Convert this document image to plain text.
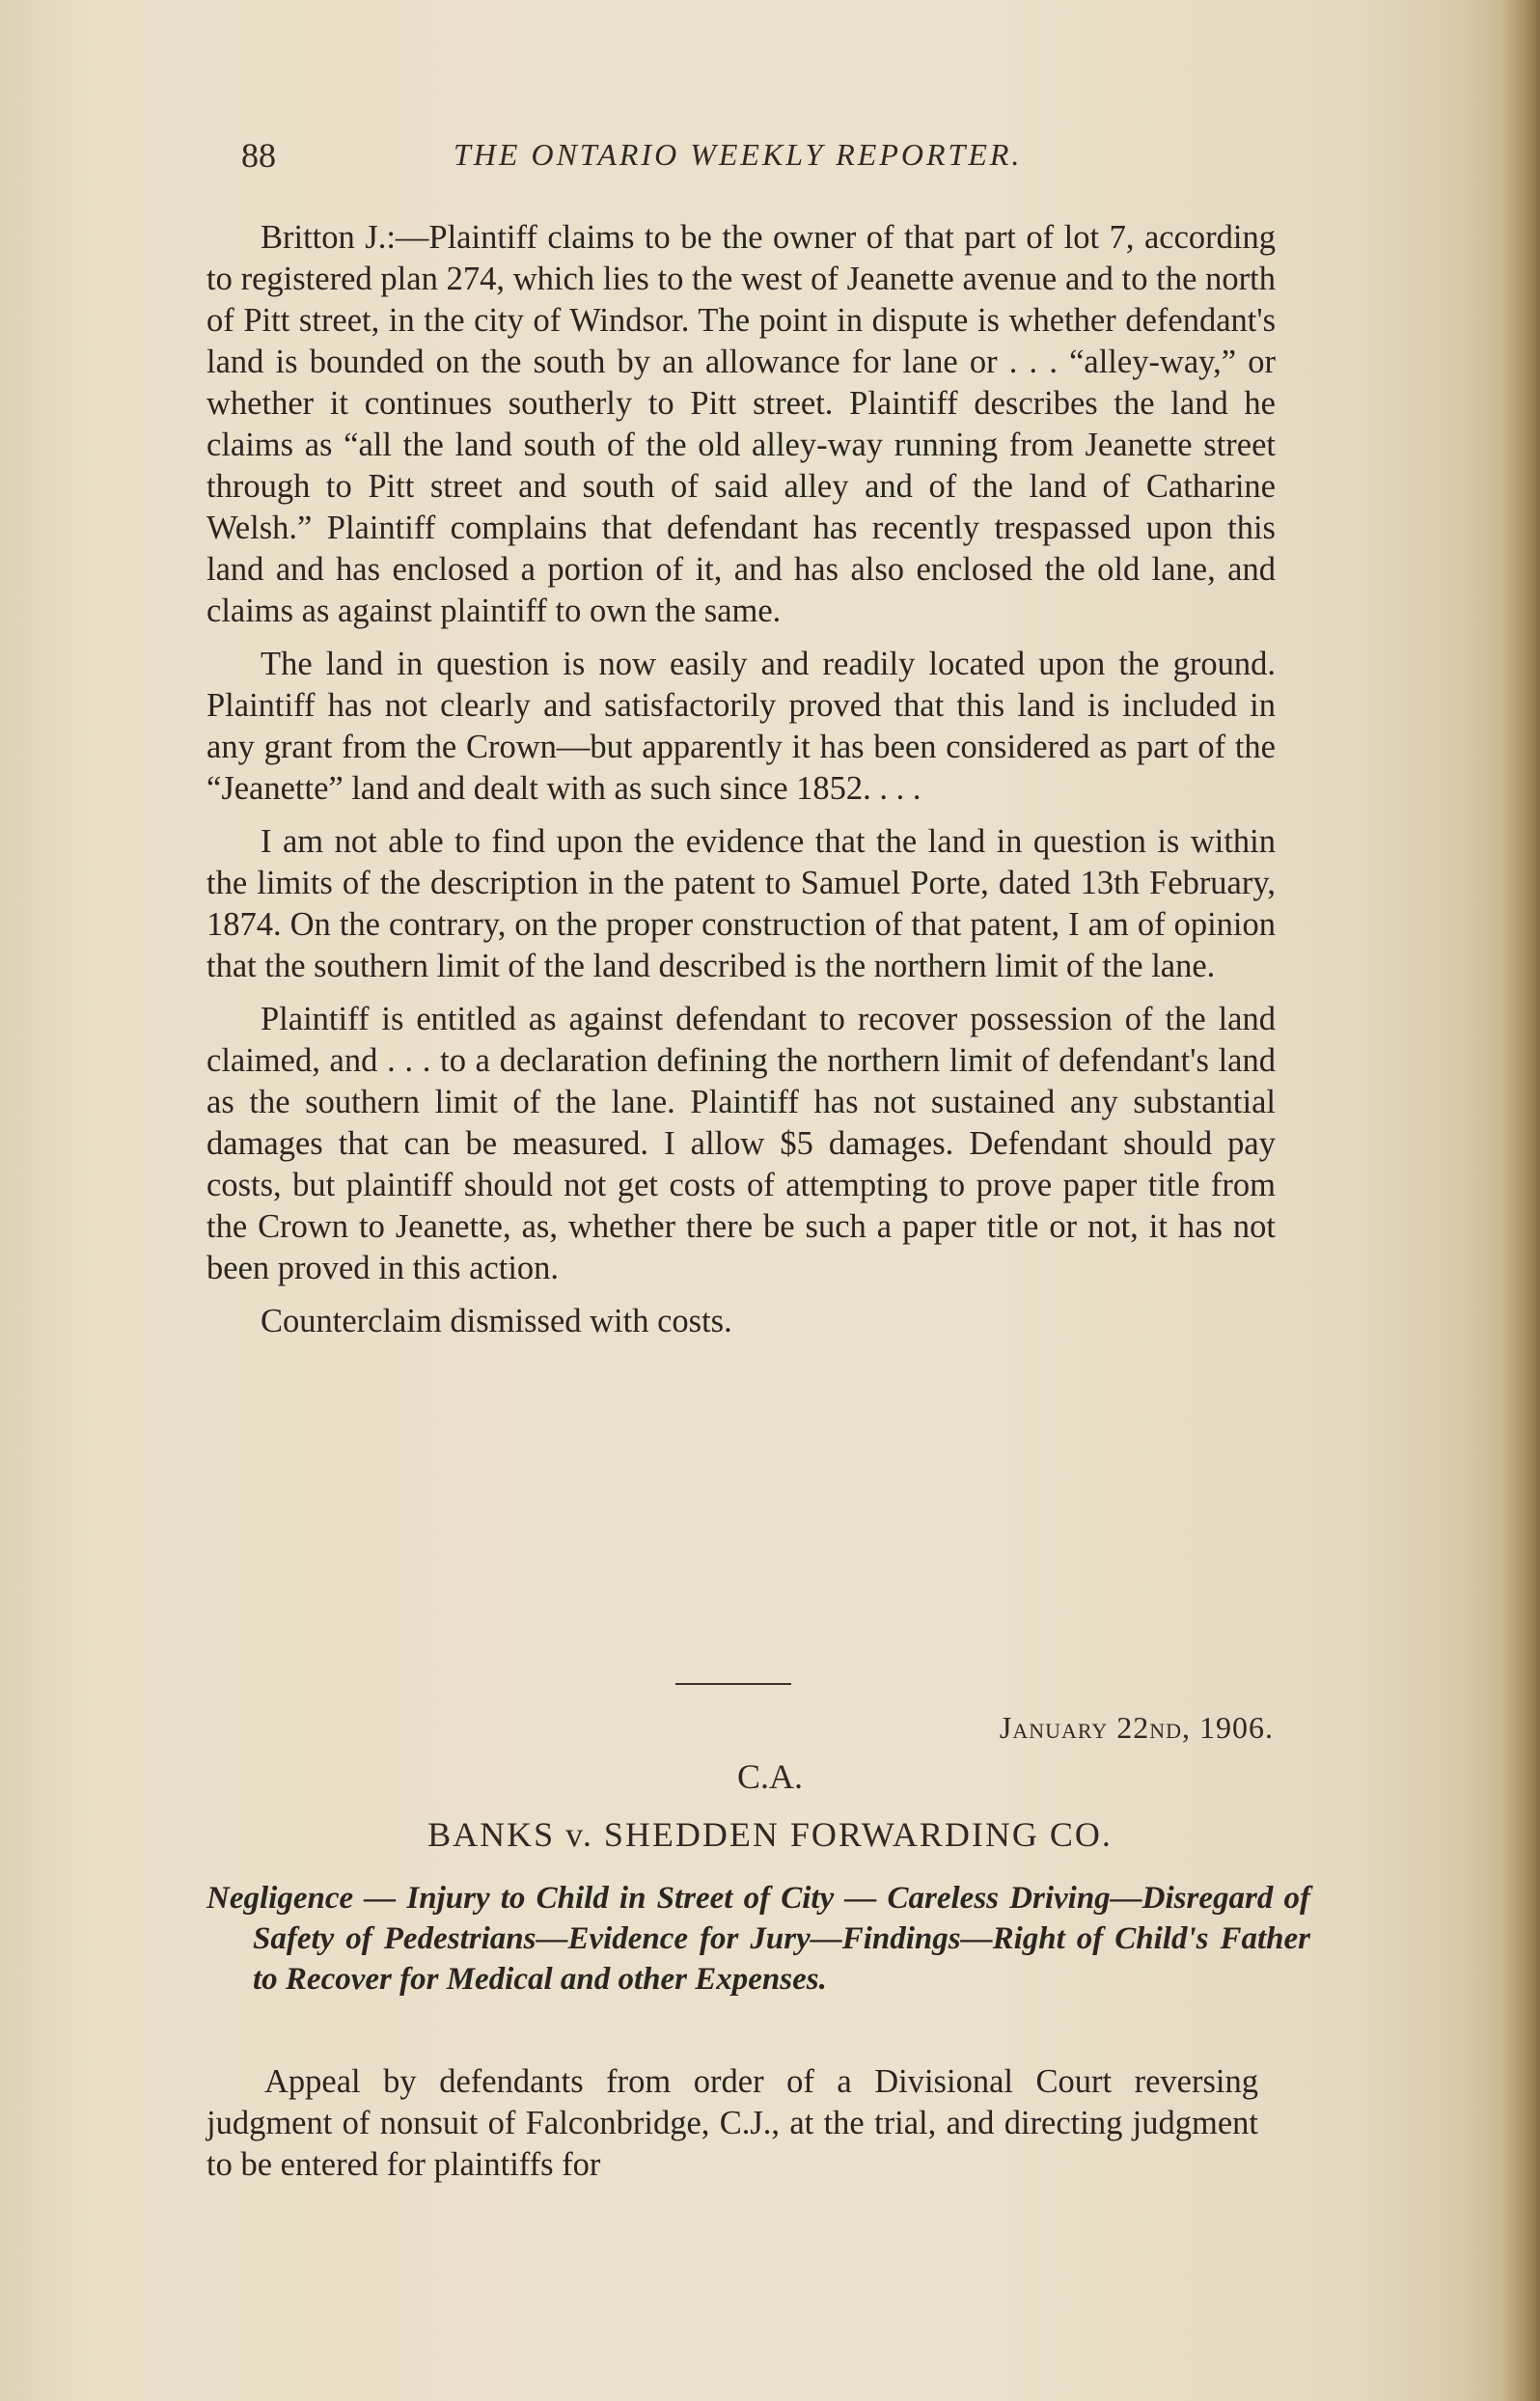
88	THE ONTARIO WEEKLY REPORTER.

Britton J.:—Plaintiff claims to be the owner of that part of lot 7, according to registered plan 274, which lies to the west of Jeanette avenue and to the north of Pitt street, in the city of Windsor. The point in dispute is whether defendant's land is bounded on the south by an allowance for lane or . . . “alley-way,” or whether it continues southerly to Pitt street. Plaintiff describes the land he claims as “all the land south of the old alley-way running from Jeanette street through to Pitt street and south of said alley and of the land of Catharine Welsh.” Plaintiff complains that defendant has recently trespassed upon this land and has enclosed a portion of it, and has also enclosed the old lane, and claims as against plaintiff to own the same.

The land in question is now easily and readily located upon the ground. Plaintiff has not clearly and satisfactorily proved that this land is included in any grant from the Crown—but apparently it has been considered as part of the “Jeanette” land and dealt with as such since 1852. . . .

I am not able to find upon the evidence that the land in question is within the limits of the description in the patent to Samuel Porte, dated 13th February, 1874. On the contrary, on the proper construction of that patent, I am of opinion that the southern limit of the land described is the northern limit of the lane.

Plaintiff is entitled as against defendant to recover possession of the land claimed, and . . . to a declaration defining the northern limit of defendant's land as the southern limit of the lane. Plaintiff has not sustained any substantial damages that can be measured. I allow $5 damages. Defendant should pay costs, but plaintiff should not get costs of attempting to prove paper title from the Crown to Jeanette, as, whether there be such a paper title or not, it has not been proved in this action.

Counterclaim dismissed with costs.

January 22nd, 1906.
C.A.
BANKS v. SHEDDEN FORWARDING CO.
Negligence — Injury to Child in Street of City — Careless Driving—Disregard of Safety of Pedestrians—Evidence for Jury—Findings—Right of Child's Father to Recover for Medical and other Expenses.

Appeal by defendants from order of a Divisional Court reversing judgment of nonsuit of Falconbridge, C.J., at the trial, and directing judgment to be entered for plaintiffs for
